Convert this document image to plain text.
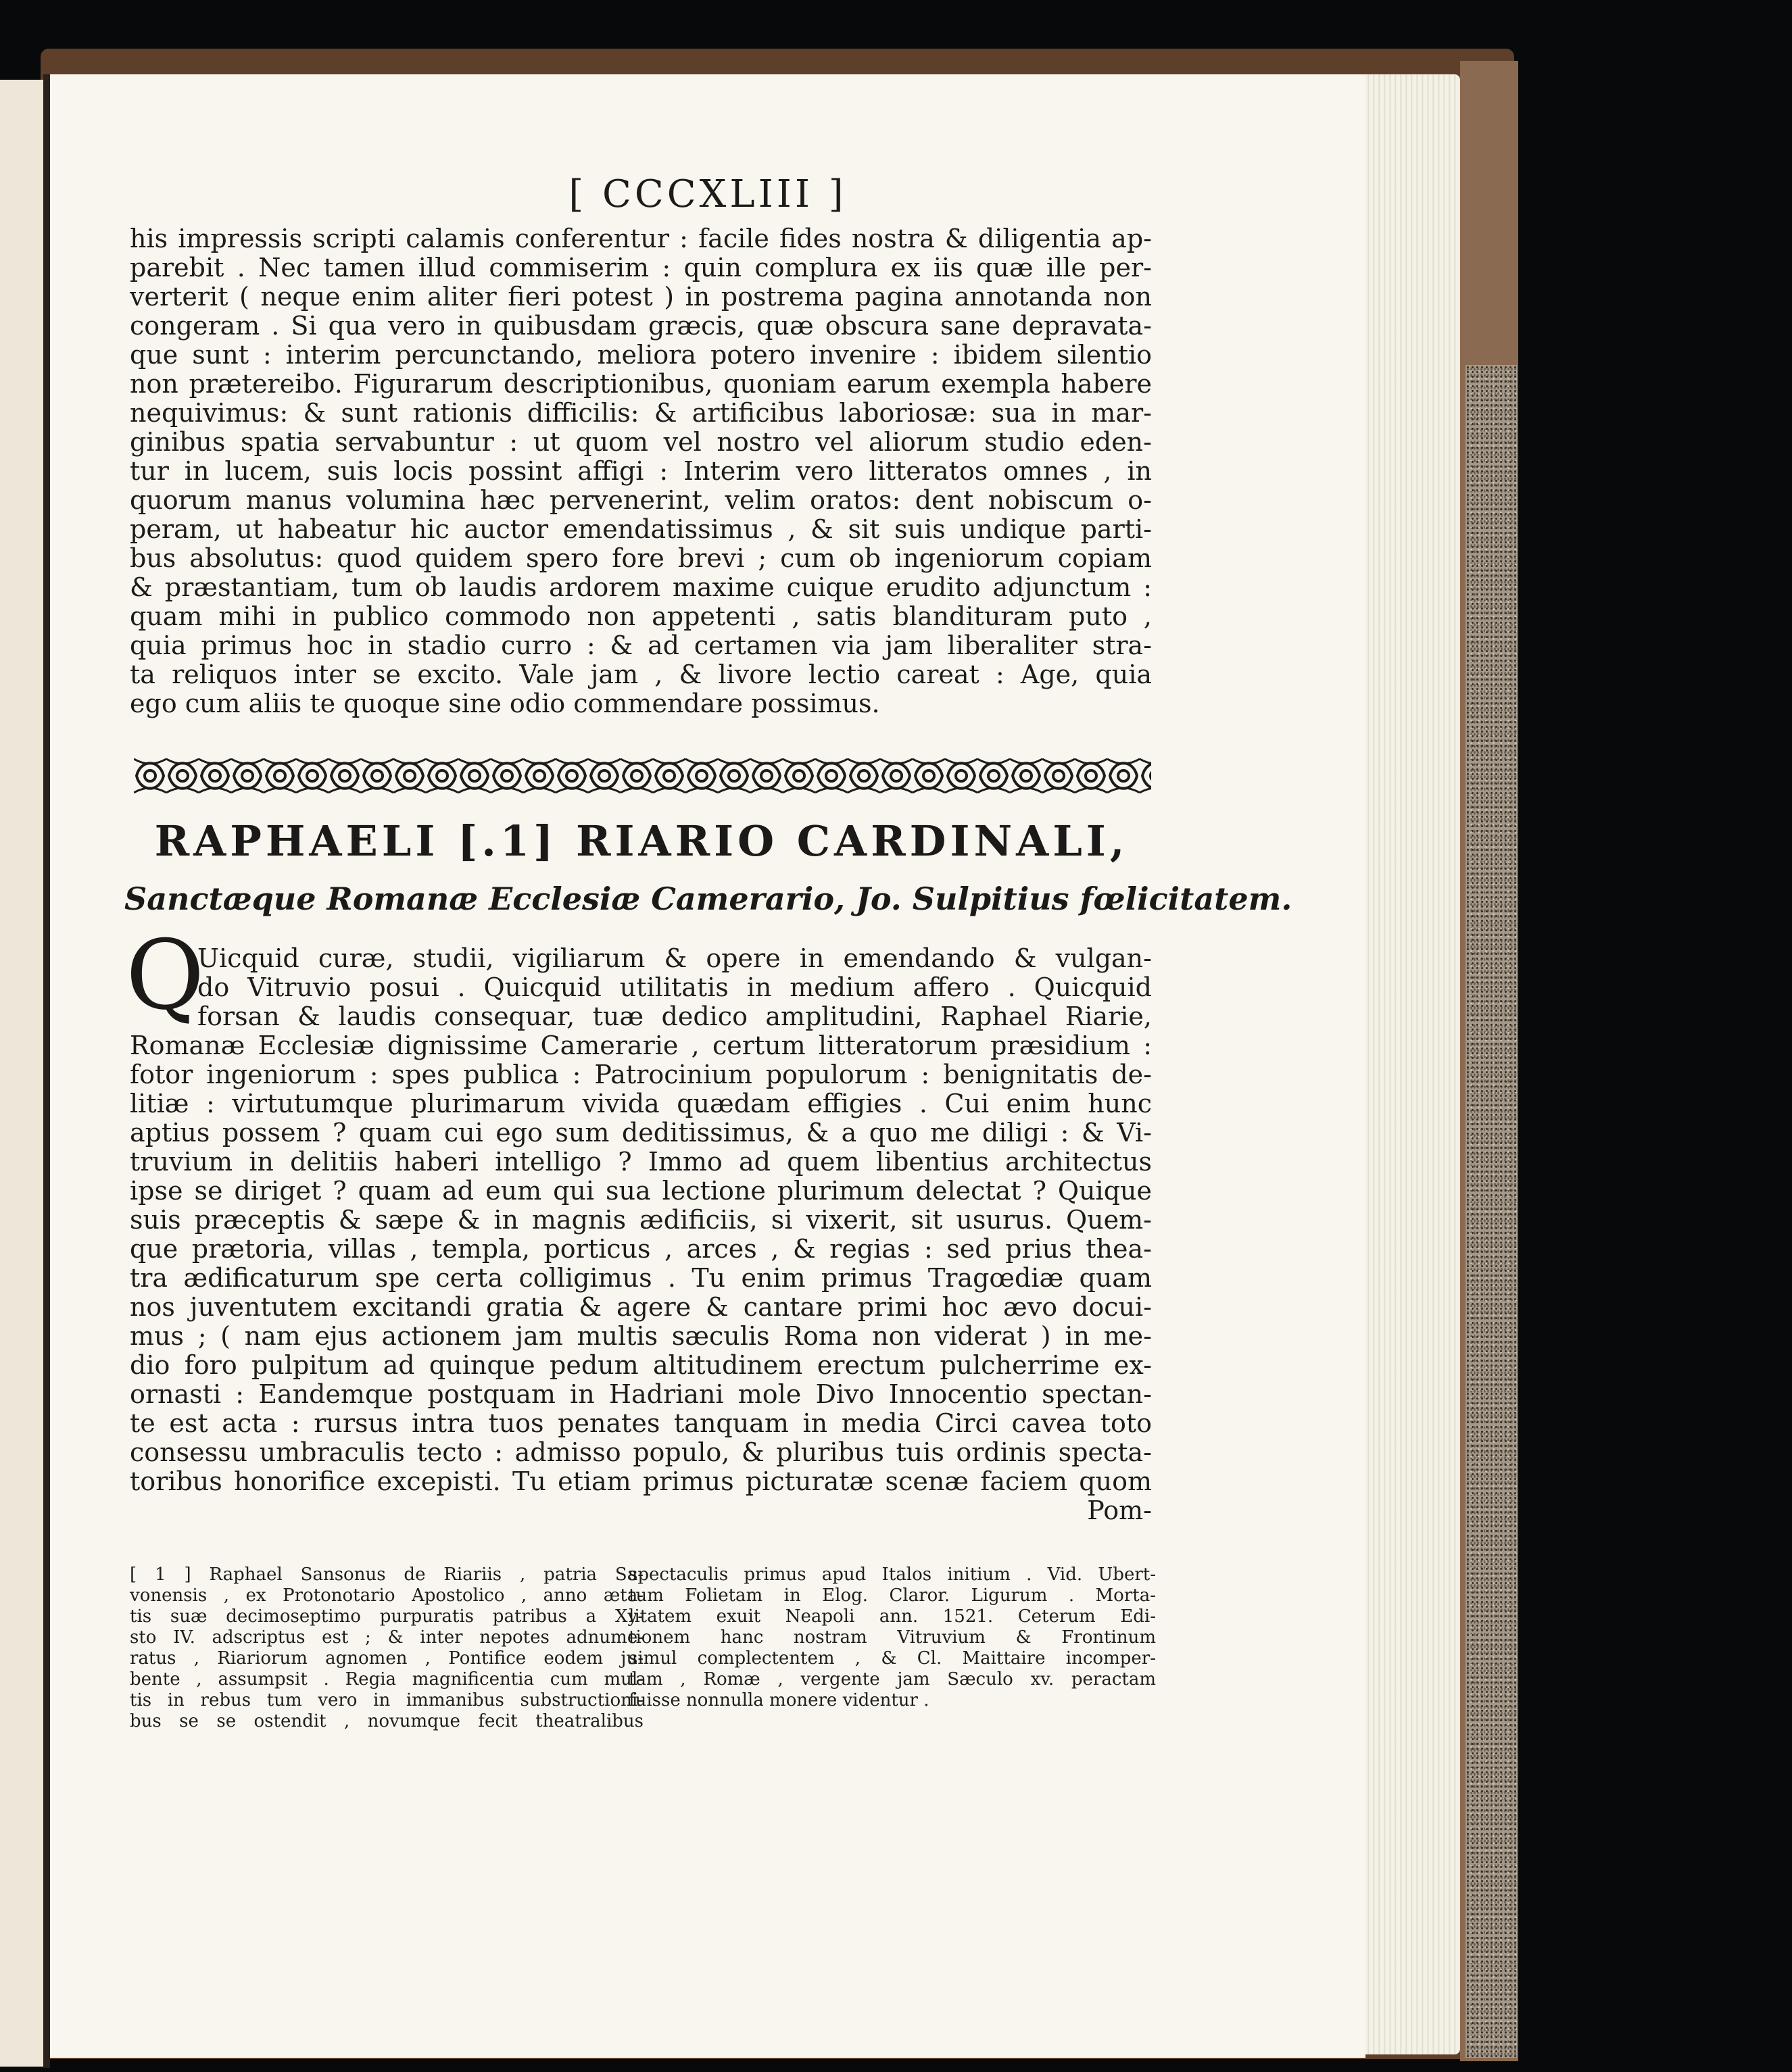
[ CCCXLIII ]

his impressis scripti calamis conferentur : facile fides nostra & diligentia ap-

parebit . Nec tamen illud commiserim : quin complura ex iis quæ ille per-

verterit ( neque enim aliter fieri potest ) in postrema pagina annotanda non

congeram . Si qua vero in quibusdam græcis, quæ obscura sane depravata-

que sunt : interim percunctando, meliora potero invenire : ibidem silentio

non prætereibo. Figurarum descriptionibus, quoniam earum exempla habere

nequivimus: & sunt rationis difficilis: & artificibus laboriosæ: sua in mar-

ginibus spatia servabuntur : ut quom vel nostro vel aliorum studio eden-

tur in lucem, suis locis possint affigi : Interim vero litteratos omnes , in

quorum manus volumina hæc pervenerint, velim oratos: dent nobiscum o-

peram, ut habeatur hic auctor emendatissimus , & sit suis undique parti-

bus absolutus: quod quidem spero fore brevi ; cum ob ingeniorum copiam

& præstantiam, tum ob laudis ardorem maxime cuique erudito adjunctum :

quam mihi in publico commodo non appetenti , satis blandituram puto ,

quia primus hoc in stadio curro : & ad certamen via jam liberaliter stra-

ta reliquos inter se excito. Vale jam , & livore lectio careat : Age, quia

ego cum aliis te quoque sine odio commendare possimus.

RAPHAELI [.1] RIARIO CARDINALI,
Sanctæque Romanæ Ecclesiæ Camerario, Jo. Sulpitius fœlicitatem.
Q

Uicquid curæ, studii, vigiliarum & opere in emendando & vulgan-

do Vitruvio posui . Quicquid utilitatis in medium affero . Quicquid

forsan & laudis consequar, tuæ dedico amplitudini, Raphael Riarie,

Romanæ Ecclesiæ dignissime Camerarie , certum litteratorum præsidium :

fotor ingeniorum : spes publica : Patrocinium populorum : benignitatis de-

litiæ : virtutumque plurimarum vivida quædam effigies . Cui enim hunc

aptius possem ? quam cui ego sum deditissimus, & a quo me diligi : & Vi-

truvium in delitiis haberi intelligo ? Immo ad quem libentius architectus

ipse se diriget ? quam ad eum qui sua lectione plurimum delectat ? Quique

suis præceptis & sæpe & in magnis ædificiis, si vixerit, sit usurus. Quem-

que prætoria, villas , templa, porticus , arces , & regias : sed prius thea-

tra ædificaturum spe certa colligimus . Tu enim primus Tragœdiæ quam

nos juventutem excitandi gratia & agere & cantare primi hoc ævo docui-

mus ; ( nam ejus actionem jam multis sæculis Roma non viderat ) in me-

dio foro pulpitum ad quinque pedum altitudinem erectum pulcherrime ex-

ornasti : Eandemque postquam in Hadriani mole Divo Innocentio spectan-

te est acta : rursus intra tuos penates tanquam in media Circi cavea toto

consessu umbraculis tecto : admisso populo, & pluribus tuis ordinis specta-

toribus honorifice excepisti. Tu etiam primus picturatæ scenæ faciem quom

Pom-

[ 1 ] Raphael Sansonus de Riariis , patria Sa-

vonensis , ex Protonotario Apostolico , anno æta-

tis suæ decimoseptimo purpuratis patribus a Xy-

sto IV. adscriptus est ; & inter nepotes adnume-

ratus , Riariorum agnomen , Pontifice eodem ju-

bente , assumpsit . Regia magnificentia cum mul-

tis in rebus tum vero in immanibus substructioni-

bus se se ostendit , novumque fecit theatralibus

spectaculis primus apud Italos initium . Vid. Ubert-

tum Folietam in Elog. Claror. Ligurum . Morta-

litatem exuit Neapoli ann. 1521. Ceterum Edi-

tionem hanc nostram Vitruvium & Frontinum

simul complectentem , & Cl. Maittaire incomper-

tam , Romæ , vergente jam Sæculo xv. peractam

fuisse nonnulla monere videntur .
